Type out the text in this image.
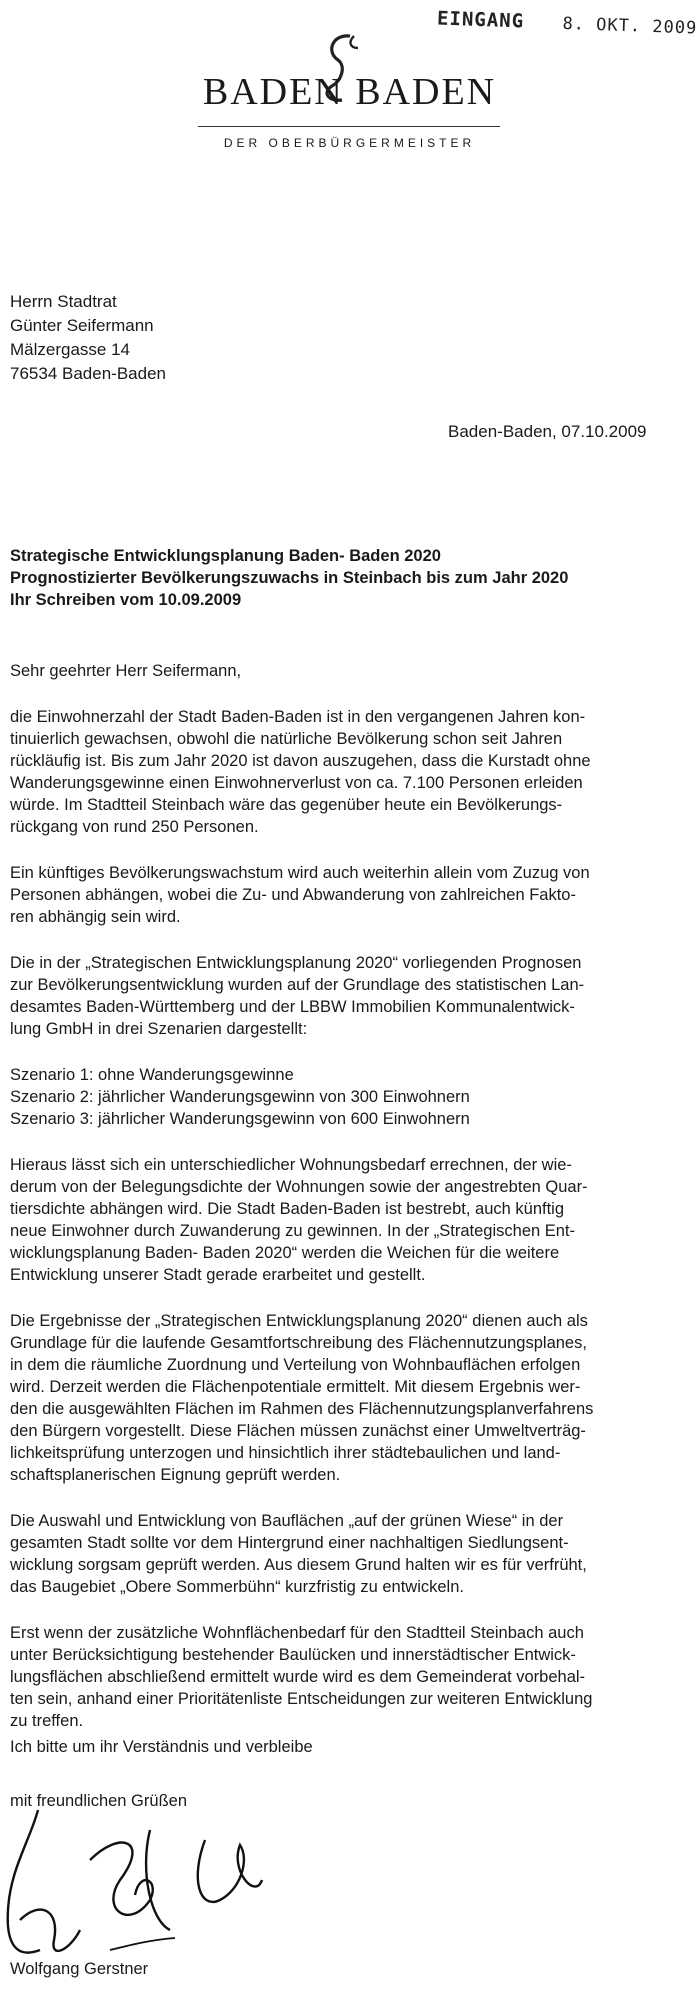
EINGANG 8. OKT. 2009
BADEN BADEN
DER OBERBÜRGERMEISTER
Herrn Stadtrat
Günter Seifermann
Mälzergasse 14
76534 Baden-Baden
Baden-Baden, 07.10.2009
Strategische Entwicklungsplanung Baden- Baden 2020
Prognostizierter Bevölkerungszuwachs in Steinbach bis zum Jahr 2020
Ihr Schreiben vom 10.09.2009
Sehr geehrter Herr Seifermann,
die Einwohnerzahl der Stadt Baden-Baden ist in den vergangenen Jahren kon-
tinuierlich gewachsen, obwohl die natürliche Bevölkerung schon seit Jahren
rückläufig ist. Bis zum Jahr 2020 ist davon auszugehen, dass die Kurstadt ohne
Wanderungsgewinne einen Einwohnerverlust von ca. 7.100 Personen erleiden
würde. Im Stadtteil Steinbach wäre das gegenüber heute ein Bevölkerungs-
rückgang von rund 250 Personen.
Ein künftiges Bevölkerungswachstum wird auch weiterhin allein vom Zuzug von
Personen abhängen, wobei die Zu- und Abwanderung von zahlreichen Fakto-
ren abhängig sein wird.
Die in der „Strategischen Entwicklungsplanung 2020“ vorliegenden Prognosen
zur Bevölkerungsentwicklung wurden auf der Grundlage des statistischen Lan-
desamtes Baden-Württemberg und der LBBW Immobilien Kommunalentwick-
lung GmbH in drei Szenarien dargestellt:
Szenario 1: ohne Wanderungsgewinne
Szenario 2: jährlicher Wanderungsgewinn von 300 Einwohnern
Szenario 3: jährlicher Wanderungsgewinn von 600 Einwohnern
Hieraus lässt sich ein unterschiedlicher Wohnungsbedarf errechnen, der wie-
derum von der Belegungsdichte der Wohnungen sowie der angestrebten Quar-
tiersdichte abhängen wird. Die Stadt Baden-Baden ist bestrebt, auch künftig
neue Einwohner durch Zuwanderung zu gewinnen. In der „Strategischen Ent-
wicklungsplanung Baden- Baden 2020“ werden die Weichen für die weitere
Entwicklung unserer Stadt gerade erarbeitet und gestellt.
Die Ergebnisse der „Strategischen Entwicklungsplanung 2020“ dienen auch als
Grundlage für die laufende Gesamtfortschreibung des Flächennutzungsplanes,
in dem die räumliche Zuordnung und Verteilung von Wohnbauflächen erfolgen
wird. Derzeit werden die Flächenpotentiale ermittelt. Mit diesem Ergebnis wer-
den die ausgewählten Flächen im Rahmen des Flächennutzungsplanverfahrens
den Bürgern vorgestellt. Diese Flächen müssen zunächst einer Umweltverträg-
lichkeitsprüfung unterzogen und hinsichtlich ihrer städtebaulichen und land-
schaftsplanerischen Eignung geprüft werden.
Die Auswahl und Entwicklung von Bauflächen „auf der grünen Wiese“ in der
gesamten Stadt sollte vor dem Hintergrund einer nachhaltigen Siedlungsent-
wicklung sorgsam geprüft werden. Aus diesem Grund halten wir es für verfrüht,
das Baugebiet „Obere Sommerbühn“ kurzfristig zu entwickeln.
Erst wenn der zusätzliche Wohnflächenbedarf für den Stadtteil Steinbach auch
unter Berücksichtigung bestehender Baulücken und innerstädtischer Entwick-
lungsflächen abschließend ermittelt wurde wird es dem Gemeinderat vorbehal-
ten sein, anhand einer Prioritätenliste Entscheidungen zur weiteren Entwicklung
zu treffen.
Ich bitte um ihr Verständnis und verbleibe
mit freundlichen Grüßen
Wolfgang Gerstner
